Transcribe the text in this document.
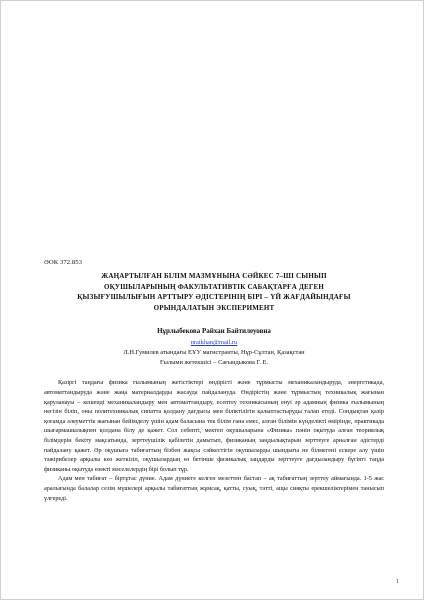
ӘОК 372.853

ЖАҢАРТЫЛҒАН БІЛІМ МАЗМҰНЫНА СӘЙКЕС 7–ШІ СЫНЫП
ОҚУШЫЛАРЫНЫҢ ФАКУЛЬТАТИВТІК САБАҚТАРҒА ДЕГЕН
ҚЫЗЫҒУШЫЛЫҒЫН АРТТЫРУ ӘДІСТЕРІНІҢ БІРІ – ҮЙ ЖАҒДАЙЫНДАҒЫ
ОРЫНДАЛАТЫН ЭКСПЕРИМЕНТ

Нұрлыбекова Райхан Байтилеуовна

nraikhan@mail.ru

Л.Н.Гумилев атындағы ЕҰУ магистранты, Нұр-Сұлтан, Қазақстан

Ғылыми жетекшісі – Сағындыкова Г. Е.

Қазіргі таңдағы физика ғылымының жетістіктері өндірісті және тұрмысты механикаландыруда, энергетикада, автоматтандыруда және жаңа материалдарды жасауда пайдалануда. Өндірістің және тұрмыстың техникалық жағынан қаруланауы – кешенді механикаландыру мен автоматтандыру, есептеу техникасының енуі әр адамның физика ғылымының негізін біліп, оны политехникалық сипатта қолдану дағдысы мен біліктілігін қалыптастыруды талап етеді. Сондықтан қазір қоғамда әлеуметтік жағынан бейімделу үшін адам баласына тек білім ғана емес, алған білімін күнделікті өмірінде, практикада шығармашылықпен қолдана білу де қажет. Сол себепті, мектеп оқушыларына «Физика» пәнін оқытуда алған теориялық білімдерін бекіту мақсатында, зерттеушілік қабілетін дамытып, физиканың заңдылықтарын зерттеуге арналған әдістерді пайдалану қажет. Әр оқушыға табиғаттың бізбен жақсы сәйкестігін оқушыларды шындығы не білмегені ескере алу үшін тәжірибелер арқылы көз жеткізіп, оқушылардың өз бетінше физикалық заңдарды зерттеуге дағдыландыру бүгінгі таңда физиканы оқытуда өзекті мәселелердің бірі болып тұр.

Адам мен табиғат – біртұтас дүние. Адам дүниеге келген мезеттен бастап – ақ табиғаттың зерттеу аймағында. 1-5 жас аралығында балалар сезім мүшелері арқылы табиғаттың жұмсақ, қатты, суық, тәтті, ащы сияқты ерекшеліктерімен танысып үлгереді.

1
